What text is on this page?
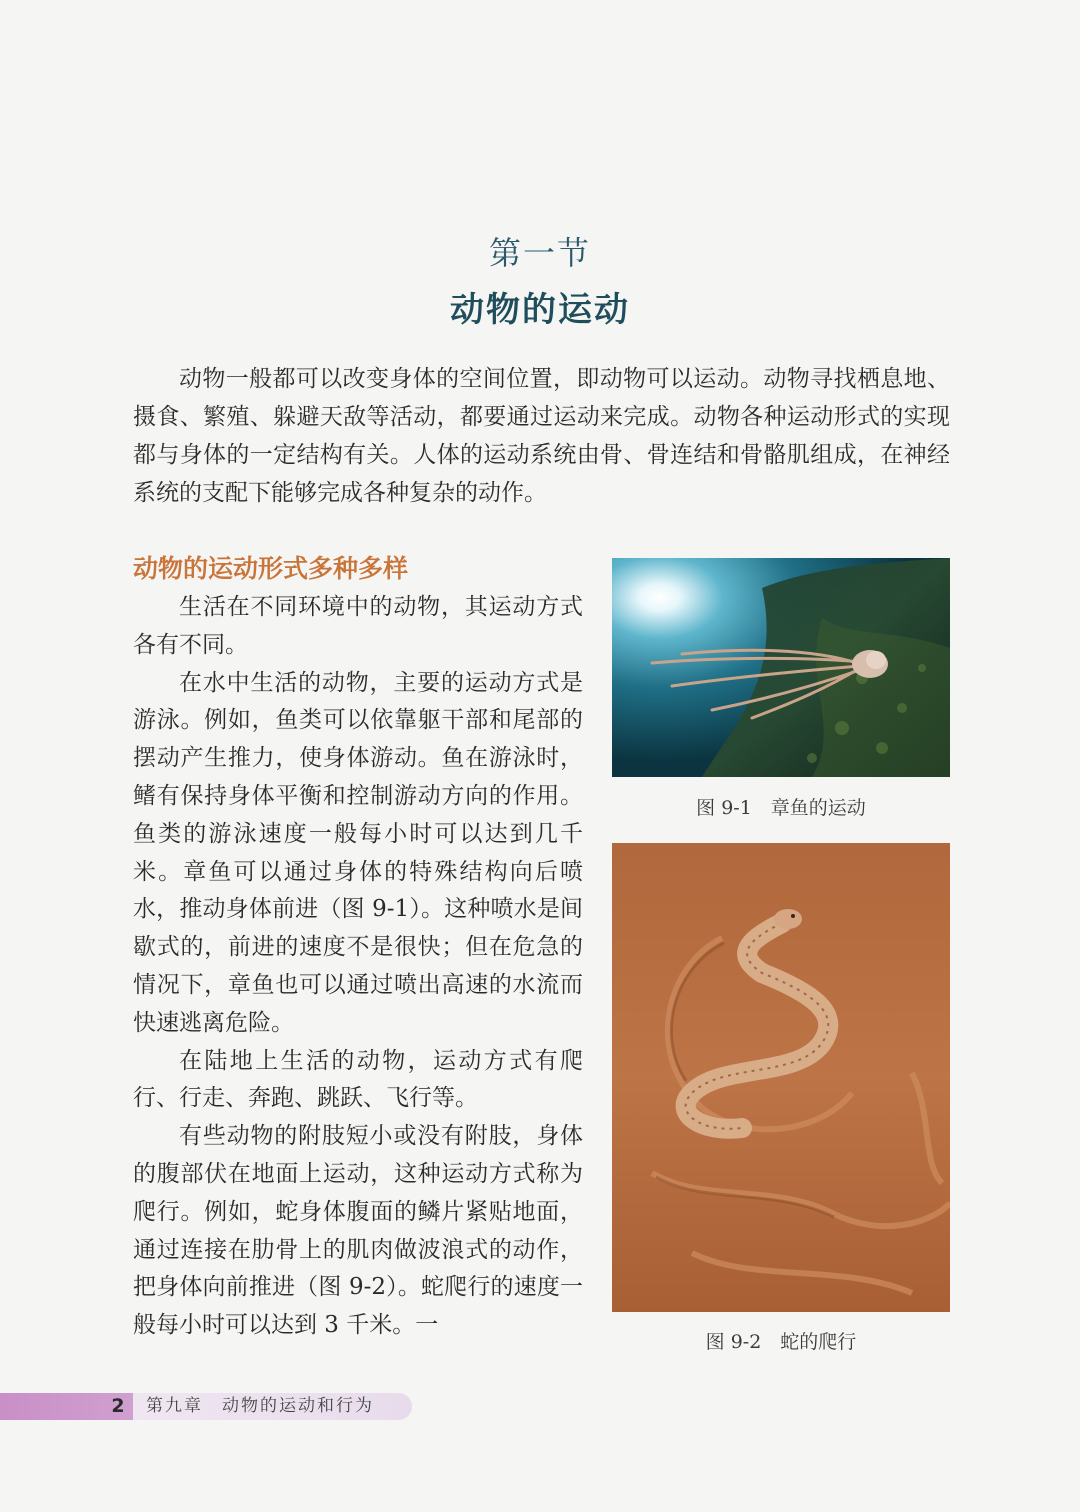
第一节
动物的运动

动物一般都可以改变身体的空间位置，即动物可以运动。动物寻找栖息地、摄食、繁殖、躲避天敌等活动，都要通过运动来完成。动物各种运动形式的实现都与身体的一定结构有关。人体的运动系统由骨、骨连结和骨骼肌组成，在神经系统的支配下能够完成各种复杂的动作。

动物的运动形式多种多样

生活在不同环境中的动物，其运动方式各有不同。

在水中生活的动物，主要的运动方式是游泳。例如，鱼类可以依靠躯干部和尾部的摆动产生推力，使身体游动。鱼在游泳时，鳍有保持身体平衡和控制游动方向的作用。鱼类的游泳速度一般每小时可以达到几千米。章鱼可以通过身体的特殊结构向后喷水，推动身体前进（图 9-1）。这种喷水是间歇式的，前进的速度不是很快；但在危急的情况下，章鱼也可以通过喷出高速的水流而快速逃离危险。

在陆地上生活的动物，运动方式有爬行、行走、奔跑、跳跃、飞行等。

有些动物的附肢短小或没有附肢，身体的腹部伏在地面上运动，这种运动方式称为爬行。例如，蛇身体腹面的鳞片紧贴地面，通过连接在肋骨上的肌肉做波浪式的动作，把身体向前推进（图 9-2）。蛇爬行的速度一般每小时可以达到 3 千米。一

图 9-1　章鱼的运动
图 9-2　蛇的爬行
2	第九章　动物的运动和行为
